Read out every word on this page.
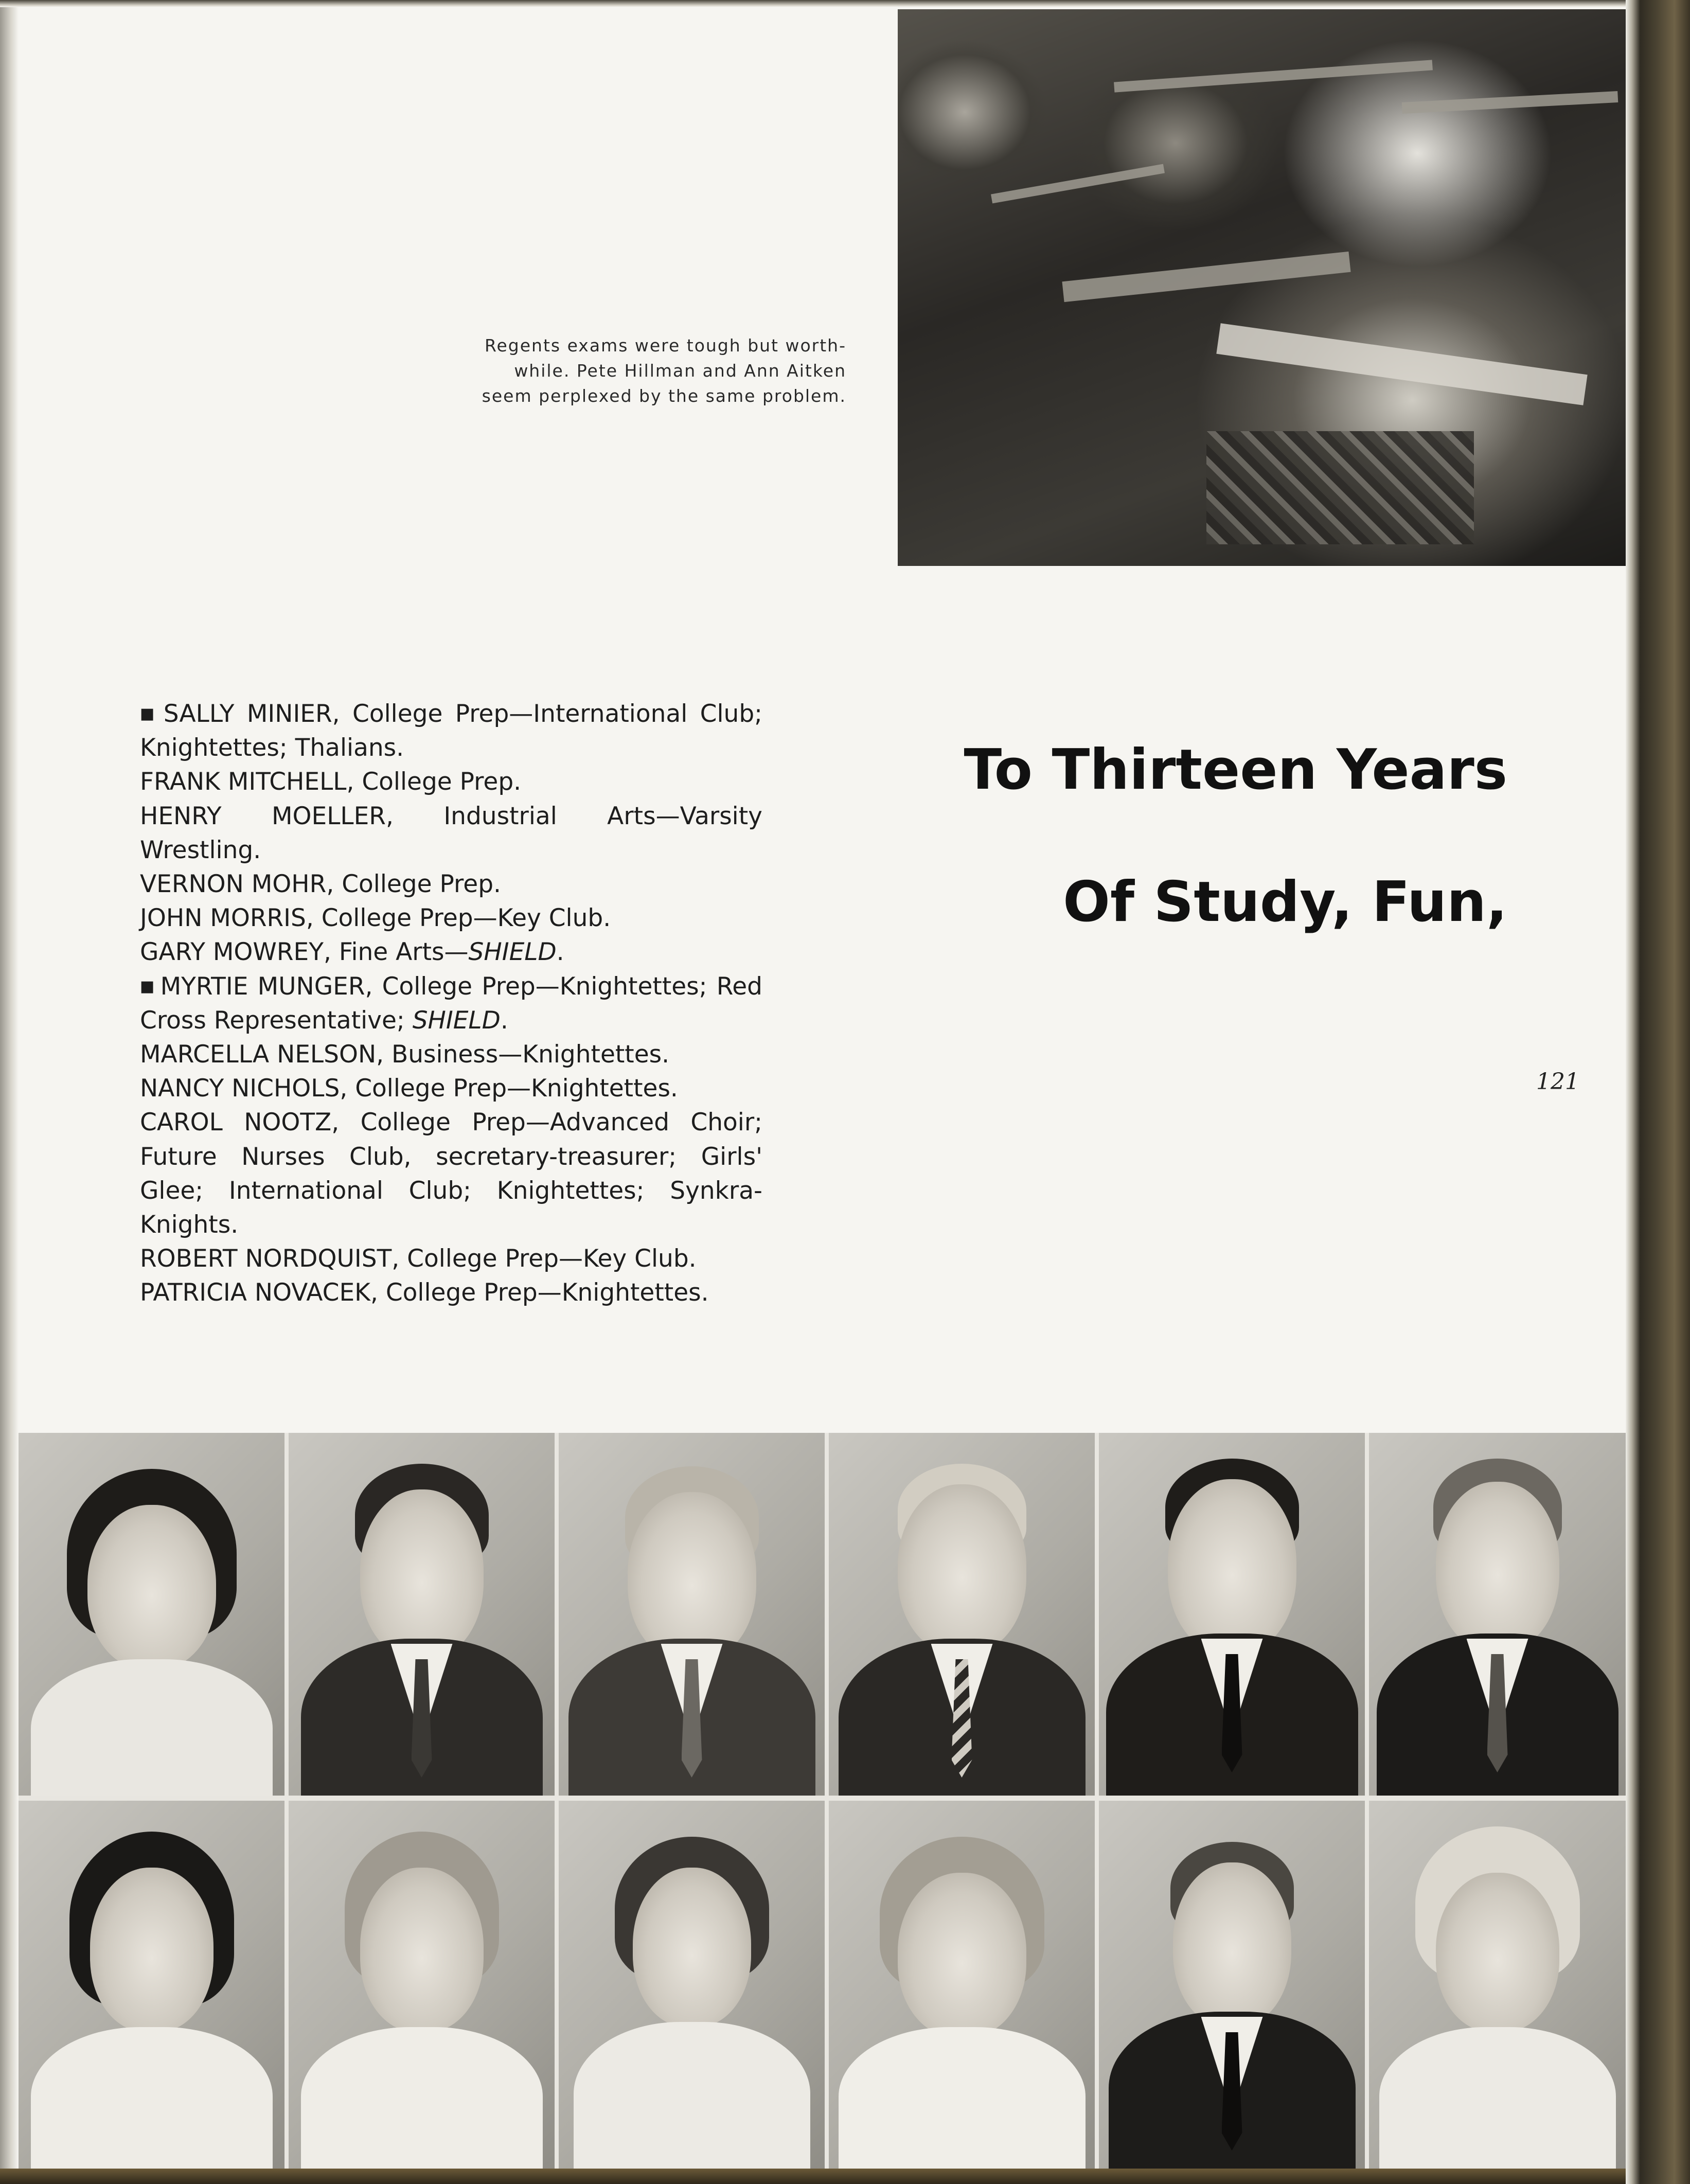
Regents exams were tough but worth-
while. Pete Hillman and Ann Aitken
seem perplexed by the same problem.

■ SALLY MINIER, College Prep—International Club; Knightettes; Thalians.

FRANK MITCHELL, College Prep.

HENRY MOELLER, Industrial Arts—Varsity Wrestling.

VERNON MOHR, College Prep.

JOHN MORRIS, College Prep—Key Club.

GARY MOWREY, Fine Arts—SHIELD.

■ MYRTIE MUNGER, College Prep—Knightettes; Red Cross Representative; SHIELD.

MARCELLA NELSON, Business—Knightettes.

NANCY NICHOLS, College Prep—Knightettes.

CAROL NOOTZ, College Prep—Advanced Choir; Future Nurses Club, secretary-treasurer; Girls' Glee; International Club; Knightettes; Synkra-Knights.

ROBERT NORDQUIST, College Prep—Key Club.

PATRICIA NOVACEK, College Prep—Knightettes.

To Thirteen Years
Of Study, Fun,
121
